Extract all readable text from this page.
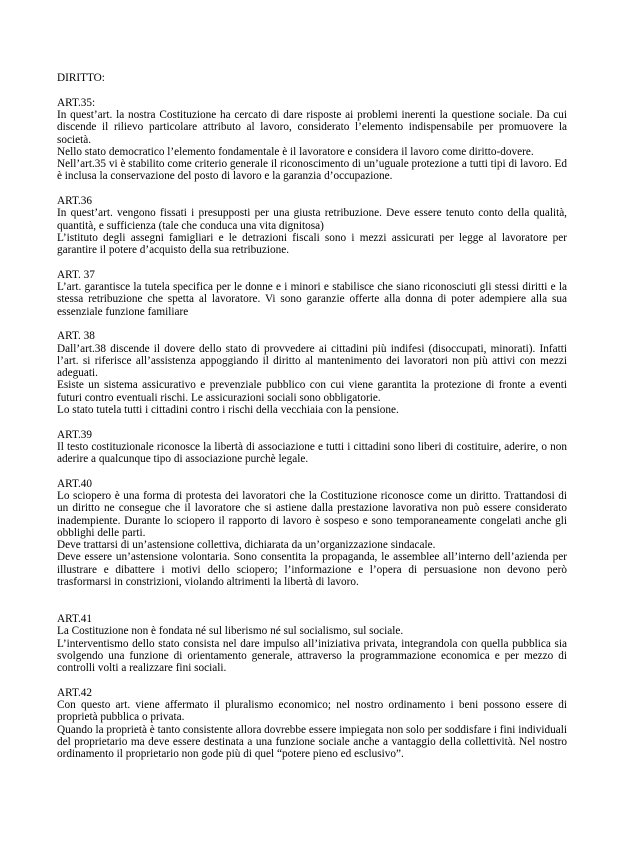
DIRITTO:
ART.35:

In quest’art. la nostra Costituzione ha cercato di dare risposte ai problemi inerenti la questione sociale. Da cui discende il rilievo particolare attributo al lavoro, considerato l’elemento indispensabile per promuovere la società.

Nello stato democratico l’elemento fondamentale è il lavoratore e considera il lavoro come diritto-dovere.

Nell’art.35 vi è stabilito come criterio generale il riconoscimento di un’uguale protezione a tutti tipi di lavoro. Ed è inclusa la conservazione del posto di lavoro e la garanzia d’occupazione.

ART.36

In quest’art. vengono fissati i presupposti per una giusta retribuzione. Deve essere tenuto conto della qualità, quantità, e sufficienza (tale che conduca una vita dignitosa)

L’istituto degli assegni famigliari e le detrazioni fiscali sono i mezzi assicurati per legge al lavoratore per garantire il potere d’acquisto della sua retribuzione.

ART. 37

L’art. garantisce la tutela specifica per le donne e i minori e stabilisce che siano riconosciuti gli stessi diritti e la stessa retribuzione che spetta al lavoratore. Vi sono garanzie offerte alla donna di poter adempiere alla sua essenziale funzione familiare

ART. 38

Dall’art.38 discende il dovere dello stato di provvedere ai cittadini più indifesi (disoccupati, minorati). Infatti l’art. si riferisce all’assistenza appoggiando il diritto al mantenimento dei lavoratori non più attivi con mezzi adeguati.

Esiste un sistema assicurativo e prevenziale pubblico con cui viene garantita la protezione di fronte a eventi futuri contro eventuali rischi. Le assicurazioni sociali sono obbligatorie.

Lo stato tutela tutti i cittadini contro i rischi della vecchiaia con la pensione.

ART.39

Il testo costituzionale riconosce la libertà di associazione e tutti i cittadini sono liberi di costituire, aderire, o non aderire a qualcunque tipo di associazione purchè legale.

ART.40

Lo sciopero è una forma di protesta dei lavoratori che la Costituzione riconosce come un diritto. Trattandosi di un diritto ne consegue che il lavoratore che si astiene dalla prestazione lavorativa non può essere considerato inadempiente. Durante lo sciopero il rapporto di lavoro è sospeso e sono temporaneamente congelati anche gli obblighi delle parti.

Deve trattarsi di un’astensione collettiva, dichiarata da un’organizzazione sindacale.

Deve essere un’astensione volontaria. Sono consentita la propaganda, le assemblee all’interno dell’azienda per illustrare e dibattere i motivi dello sciopero; l’informazione e l’opera di persuasione non devono però trasformarsi in constrizioni, violando altrimenti la libertà di lavoro.

ART.41

La Costituzione non è fondata né sul liberismo né sul socialismo, sul sociale.

L’interventismo dello stato consista nel dare impulso all’iniziativa privata, integrandola con quella pubblica sia svolgendo una funzione di orientamento generale, attraverso la programmazione economica e per mezzo di controlli volti a realizzare fini sociali.

ART.42

Con questo art. viene affermato il pluralismo economico; nel nostro ordinamento i beni possono essere di proprietà pubblica o privata.

Quando la proprietà è tanto consistente allora dovrebbe essere impiegata non solo per soddisfare i fini individuali del proprietario ma deve essere destinata a una funzione sociale anche a vantaggio della collettività. Nel nostro ordinamento il proprietario non gode più di quel “potere pieno ed esclusivo”.
